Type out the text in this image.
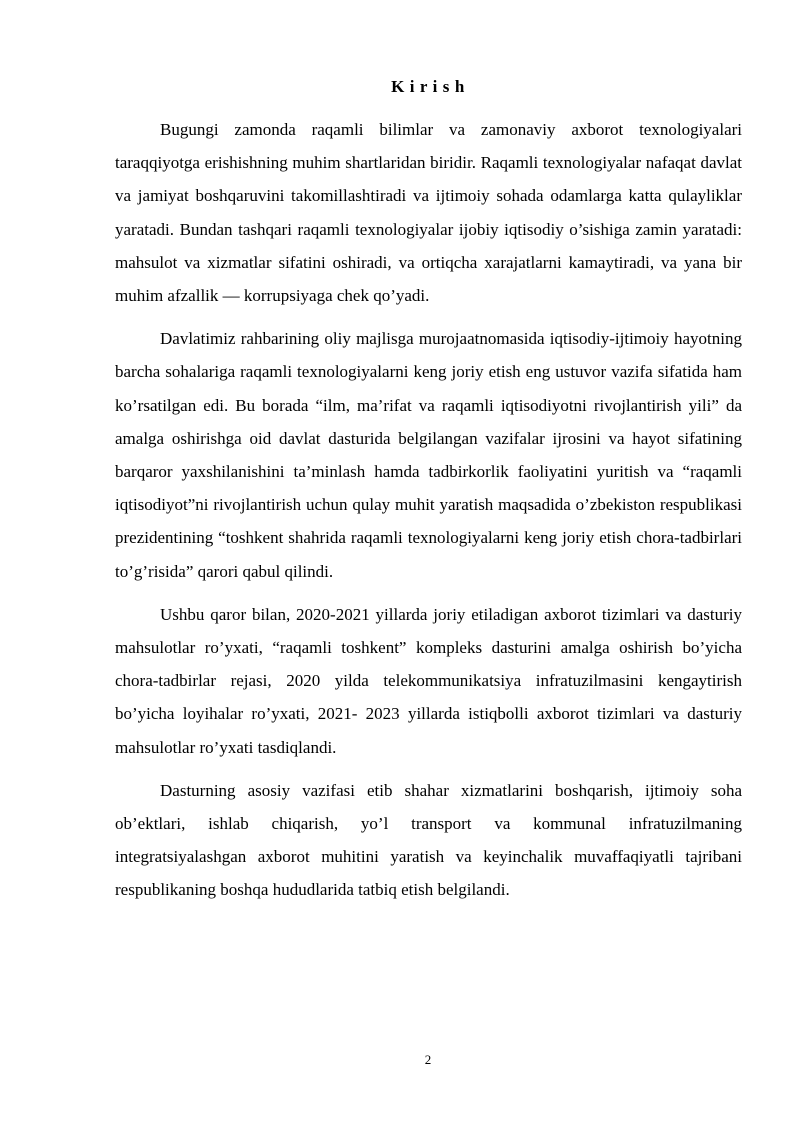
K i r i s h

Bugungi zamonda raqamli bilimlar va zamonaviy axborot texnologiyalari taraqqiyotga erishishning muhim shartlaridan biridir. Raqamli texnologiyalar nafaqat davlat va jamiyat boshqaruvini takomillashtiradi va ijtimoiy sohada odamlarga katta qulayliklar yaratadi. Bundan tashqari raqamli texnologiyalar ijobiy iqtisodiy o’sishiga zamin yaratadi: mahsulot va xizmatlar sifatini oshiradi, va ortiqcha xarajatlarni kamaytiradi, va yana bir muhim afzallik — korrupsiyaga chek qo’yadi.

Davlatimiz rahbarining oliy majlisga murojaatnomasida iqtisodiy-ijtimoiy hayotning barcha sohalariga raqamli texnologiyalarni keng joriy etish eng ustuvor vazifa sifatida ham ko’rsatilgan edi. Bu borada “ilm, ma’rifat va raqamli iqtisodiyotni rivojlantirish yili” da amalga oshirishga oid davlat dasturida belgilangan vazifalar ijrosini va hayot sifatining barqaror yaxshilanishini ta’minlash hamda tadbirkorlik faoliyatini yuritish va “raqamli iqtisodiyot”ni rivojlantirish uchun qulay muhit yaratish maqsadida o’zbekiston respublikasi prezidentining “toshkent shahrida raqamli texnologiyalarni keng joriy etish chora-tadbirlari to’g’risida” qarori qabul qilindi.

Ushbu qaror bilan, 2020-2021 yillarda joriy etiladigan axborot tizimlari va dasturiy mahsulotlar ro’yxati, “raqamli toshkent” kompleks dasturini amalga oshirish bo’yicha chora-tadbirlar rejasi, 2020 yilda telekommunikatsiya infratuzilmasini kengaytirish bo’yicha loyihalar ro’yxati, 2021- 2023 yillarda istiqbolli axborot tizimlari va dasturiy mahsulotlar ro’yxati tasdiqlandi.

Dasturning asosiy vazifasi etib shahar xizmatlarini boshqarish, ijtimoiy soha ob’ektlari, ishlab chiqarish, yo’l transport va kommunal infratuzilmaning integratsiyalashgan axborot muhitini yaratish va keyinchalik muvaffaqiyatli tajribani respublikaning boshqa hududlarida tatbiq etish belgilandi.

2
